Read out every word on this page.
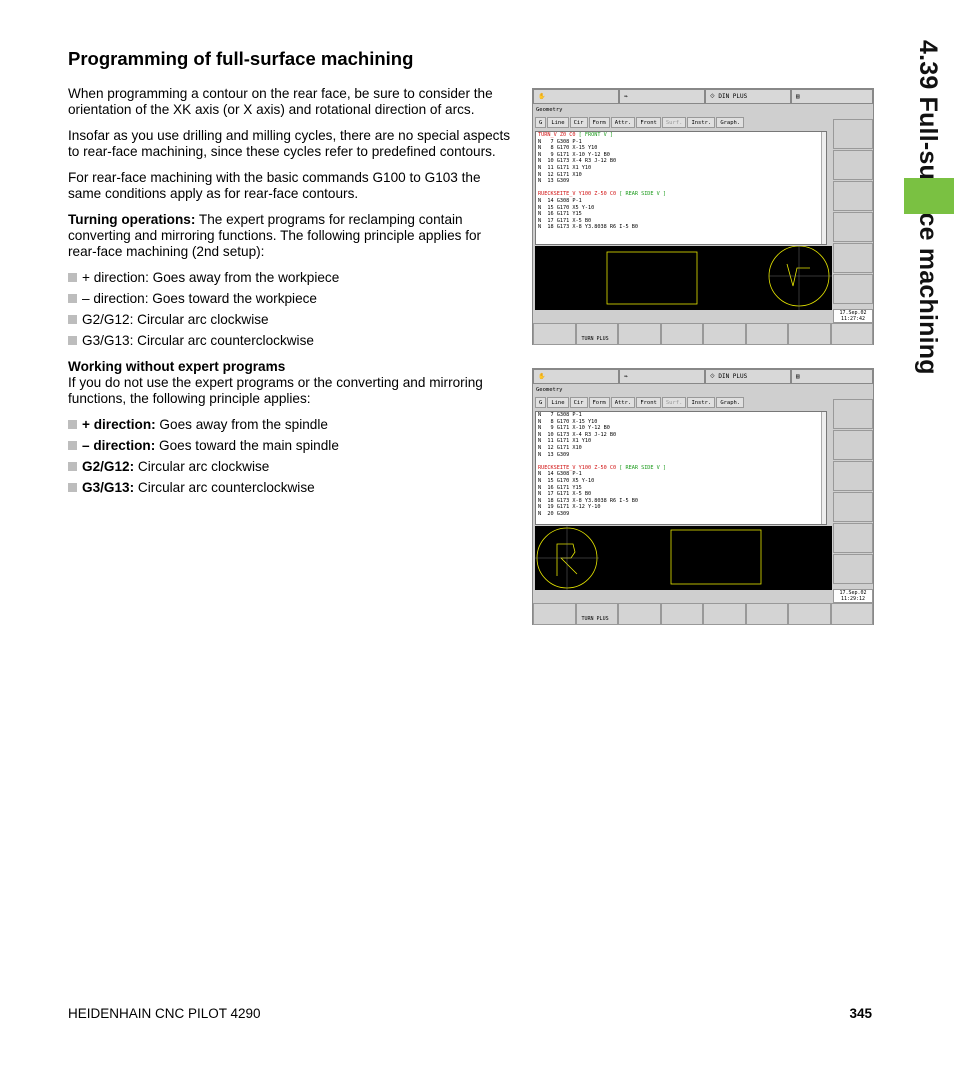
Programming of full-surface machining

When programming a contour on the rear face, be sure to consider the orientation of the XK axis (or X axis) and rotational direction of arcs.

Insofar as you use drilling and milling cycles, there are no special aspects to rear-face machining, since these cycles refer to predefined contours.

For rear-face machining with the basic commands G100 to G103 the same conditions apply as for rear-face contours.

Turning operations: The expert programs for reclamping contain converting and mirroring functions. The following principle applies for rear-face machining (2nd setup):

+ direction: Goes away from the workpiece
– direction: Goes toward the workpiece
G2/G12: Circular arc clockwise
G3/G13: Circular arc counterclockwise
Working without expert programs

If you do not use the expert programs or the converting and mirroring functions, the following principle applies:

+ direction: Goes away from the spindle
– direction: Goes toward the main spindle
G2/G12: Circular arc clockwise
G3/G13: Circular arc counterclockwise
✋	⇛	⟐ DIN PLUS	▤
Geometry
G	Line	Cir	Form	Attr.	Front	Surf.	Instr.	Graph.
TURN_V Z0 C0 [ FRONT V ]
N   7 G308 P-1
N   8 G170 X-15 Y10
N   9 G171 X-10 Y-12 B0
N  10 G173 X-4 R3 J-12 B0
N  11 G171 X1 Y10
N  12 G171 X10
N  13 G309
RUECKSEITE_V Y100 Z-50 C0 [ REAR SIDE V ]
N  14 G308 P-1
N  15 G170 X5 Y-10
N  16 G171 Y15
N  17 G171 X-5 B0
N  18 G173 X-8 Y3.8038 R6 I-5 B0
17.Sep.02
11:27:42
TURN PLUS
✋	⇛	⟐ DIN PLUS	▤
Geometry
G	Line	Cir	Form	Attr.	Front	Surf.	Instr.	Graph.
N   7 G308 P-1
N   8 G170 X-15 Y10
N   9 G171 X-10 Y-12 B0
N  10 G173 X-4 R3 J-12 B0
N  11 G171 X1 Y10
N  12 G171 X10
N  13 G309
RUECKSEITE_V Y100 Z-50 C0 [ REAR SIDE V ]
N  14 G308 P-1
N  15 G170 X5 Y-10
N  16 G171 Y15
N  17 G171 X-5 B0
N  18 G173 X-8 Y3.8038 R6 I-5 B0
N  19 G171 X-12 Y-10
N  20 G309
17.Sep.02
11:29:12
TURN PLUS
HEIDENHAIN CNC PILOT 4290	345
